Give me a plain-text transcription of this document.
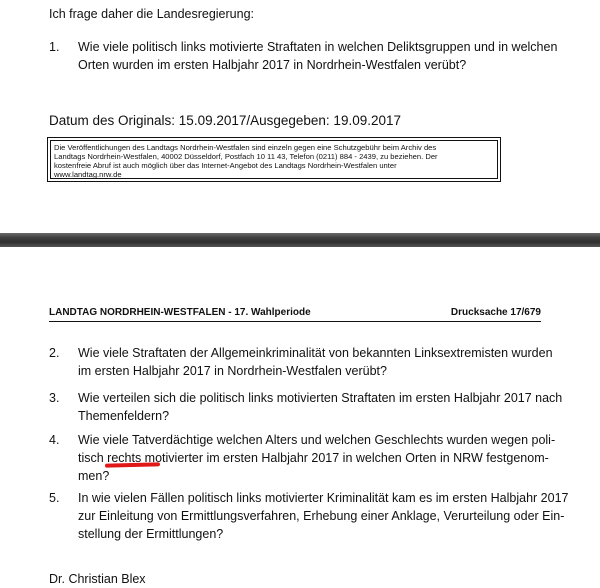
Ich frage daher die Landesregierung:
1. Wie viele politisch links motivierte Straftaten in welchen Deliktsgruppen und in welchen
Orten wurden im ersten Halbjahr 2017 in Nordrhein-Westfalen verübt?
Datum des Originals: 15.09.2017/Ausgegeben: 19.09.2017
Die Veröffentlichungen des Landtags Nordrhein-Westfalen sind einzeln gegen eine Schutzgebühr beim Archiv des
Landtags Nordrhein-Westfalen, 40002 Düsseldorf, Postfach 10 11 43, Telefon (0211) 884 - 2439, zu beziehen. Der
kostenfreie Abruf ist auch möglich über das Internet-Angebot des Landtags Nordrhein-Westfalen unter
www.landtag.nrw.de
LANDTAG NORDRHEIN-WESTFALEN - 17. Wahlperiode	Drucksache 17/679
2. Wie viele Straftaten der Allgemeinkriminalität von bekannten Linksextremisten wurden
im ersten Halbjahr 2017 in Nordrhein-Westfalen verübt?
3. Wie verteilen sich die politisch links motivierten Straftaten im ersten Halbjahr 2017 nach
Themenfeldern?
4. Wie viele Tatverdächtige welchen Alters und welchen Geschlechts wurden wegen poli-
tisch rechts motivierter im ersten Halbjahr 2017 in welchen Orten in NRW festgenom-
men?
5. In wie vielen Fällen politisch links motivierter Kriminalität kam es im ersten Halbjahr 2017
zur Einleitung von Ermittlungsverfahren, Erhebung einer Anklage, Verurteilung oder Ein-
stellung der Ermittlungen?
Dr. Christian Blex
